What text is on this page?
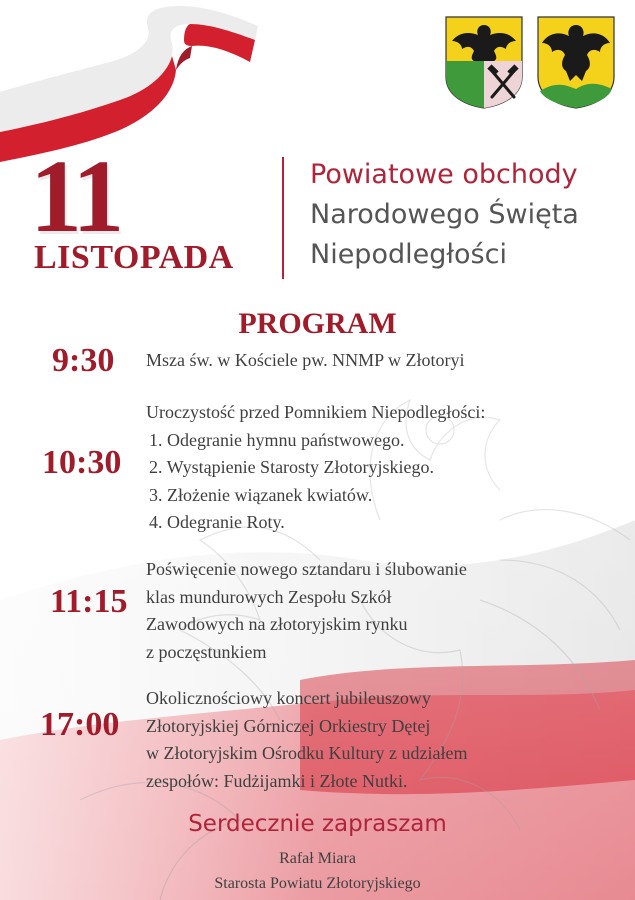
11
LISTOPADA
Powiatowe obchody
Narodowego Święta
Niepodległości
PROGRAM
9:30 Msza św. w Kościele pw. NNMP w Złotoryi
10:30
Uroczystość przed Pomnikiem Niepodległości:
1. Odegranie hymnu państwowego.
2. Wystąpienie Starosty Złotoryjskiego.
3. Złożenie wiązanek kwiatów.
4. Odegranie Roty.
11:15
Poświęcenie nowego sztandaru i ślubowanie
klas mundurowych Zespołu Szkół
Zawodowych na złotoryjskim rynku
z poczęstunkiem
17:00
Okolicznościowy koncert jubileuszowy
Złotoryjskiej Górniczej Orkiestry Dętej
w Złotoryjskim Ośrodku Kultury z udziałem
zespołów: Fudżijamki i Złote Nutki.
Serdecznie zapraszam
Rafał Miara
Starosta Powiatu Złotoryjskiego
